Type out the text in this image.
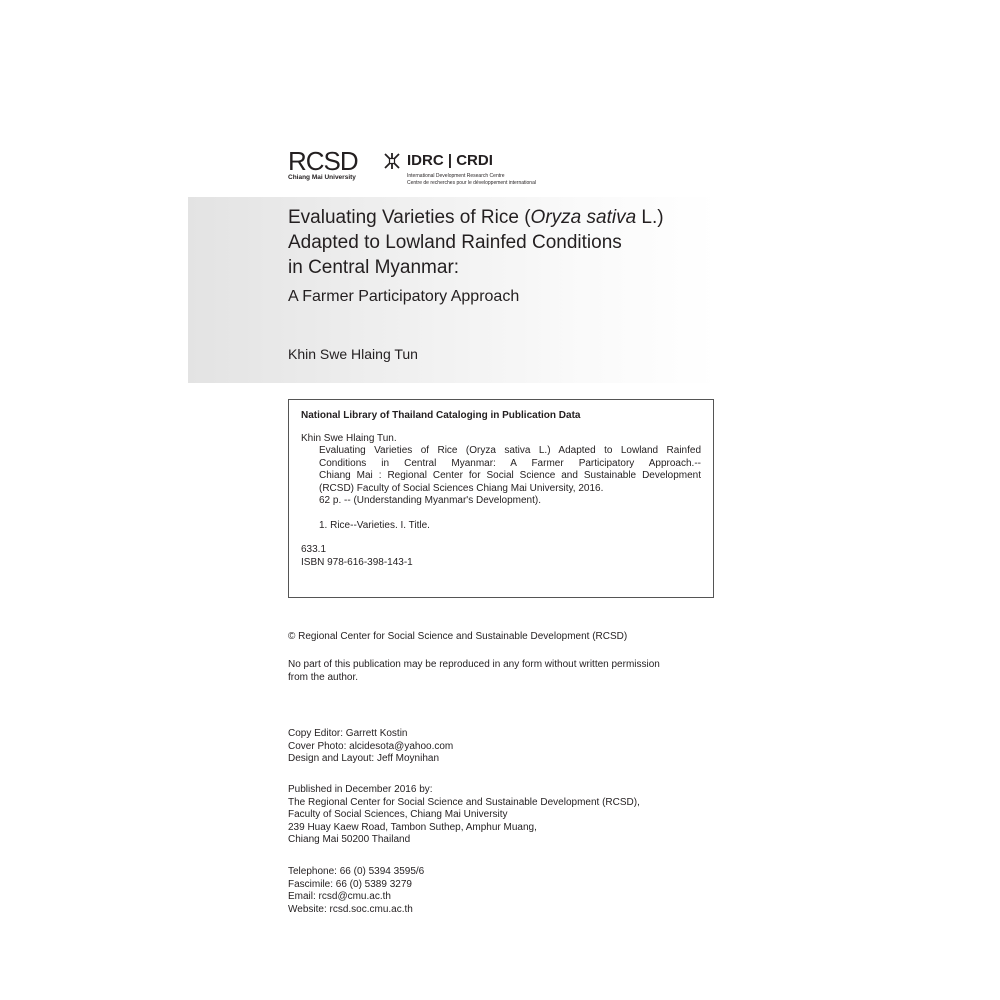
RCSD
Chiang Mai University
IDRC | CRDI
International Development Research Centre
Centre de recherches pour le développement international
Evaluating Varieties of Rice (Oryza sativa L.)
Adapted to Lowland Rainfed Conditions
in Central Myanmar:
A Farmer Participatory Approach
Khin Swe Hlaing Tun
National Library of Thailand Cataloging in Publication Data
Khin Swe Hlaing Tun.
Evaluating Varieties of Rice (Oryza sativa L.) Adapted to Lowland Rainfed
Conditions in Central Myanmar: A Farmer Participatory Approach.--
Chiang Mai : Regional Center for Social Science and Sustainable Development
(RCSD) Faculty of Social Sciences Chiang Mai University, 2016.
62 p. -- (Understanding Myanmar's Development).
1. Rice--Varieties. I. Title.
633.1
ISBN 978-616-398-143-1

© Regional Center for Social Science and Sustainable Development (RCSD)

No part of this publication may be reproduced in any form without written permission

from the author.

Copy Editor: Garrett Kostin

Cover Photo: alcidesota@yahoo.com

Design and Layout: Jeff Moynihan

Published in December 2016 by:

The Regional Center for Social Science and Sustainable Development (RCSD),

Faculty of Social Sciences, Chiang Mai University

239 Huay Kaew Road, Tambon Suthep, Amphur Muang,

Chiang Mai 50200 Thailand

Telephone: 66 (0) 5394 3595/6

Fascimile: 66 (0) 5389 3279

Email: rcsd@cmu.ac.th

Website: rcsd.soc.cmu.ac.th
